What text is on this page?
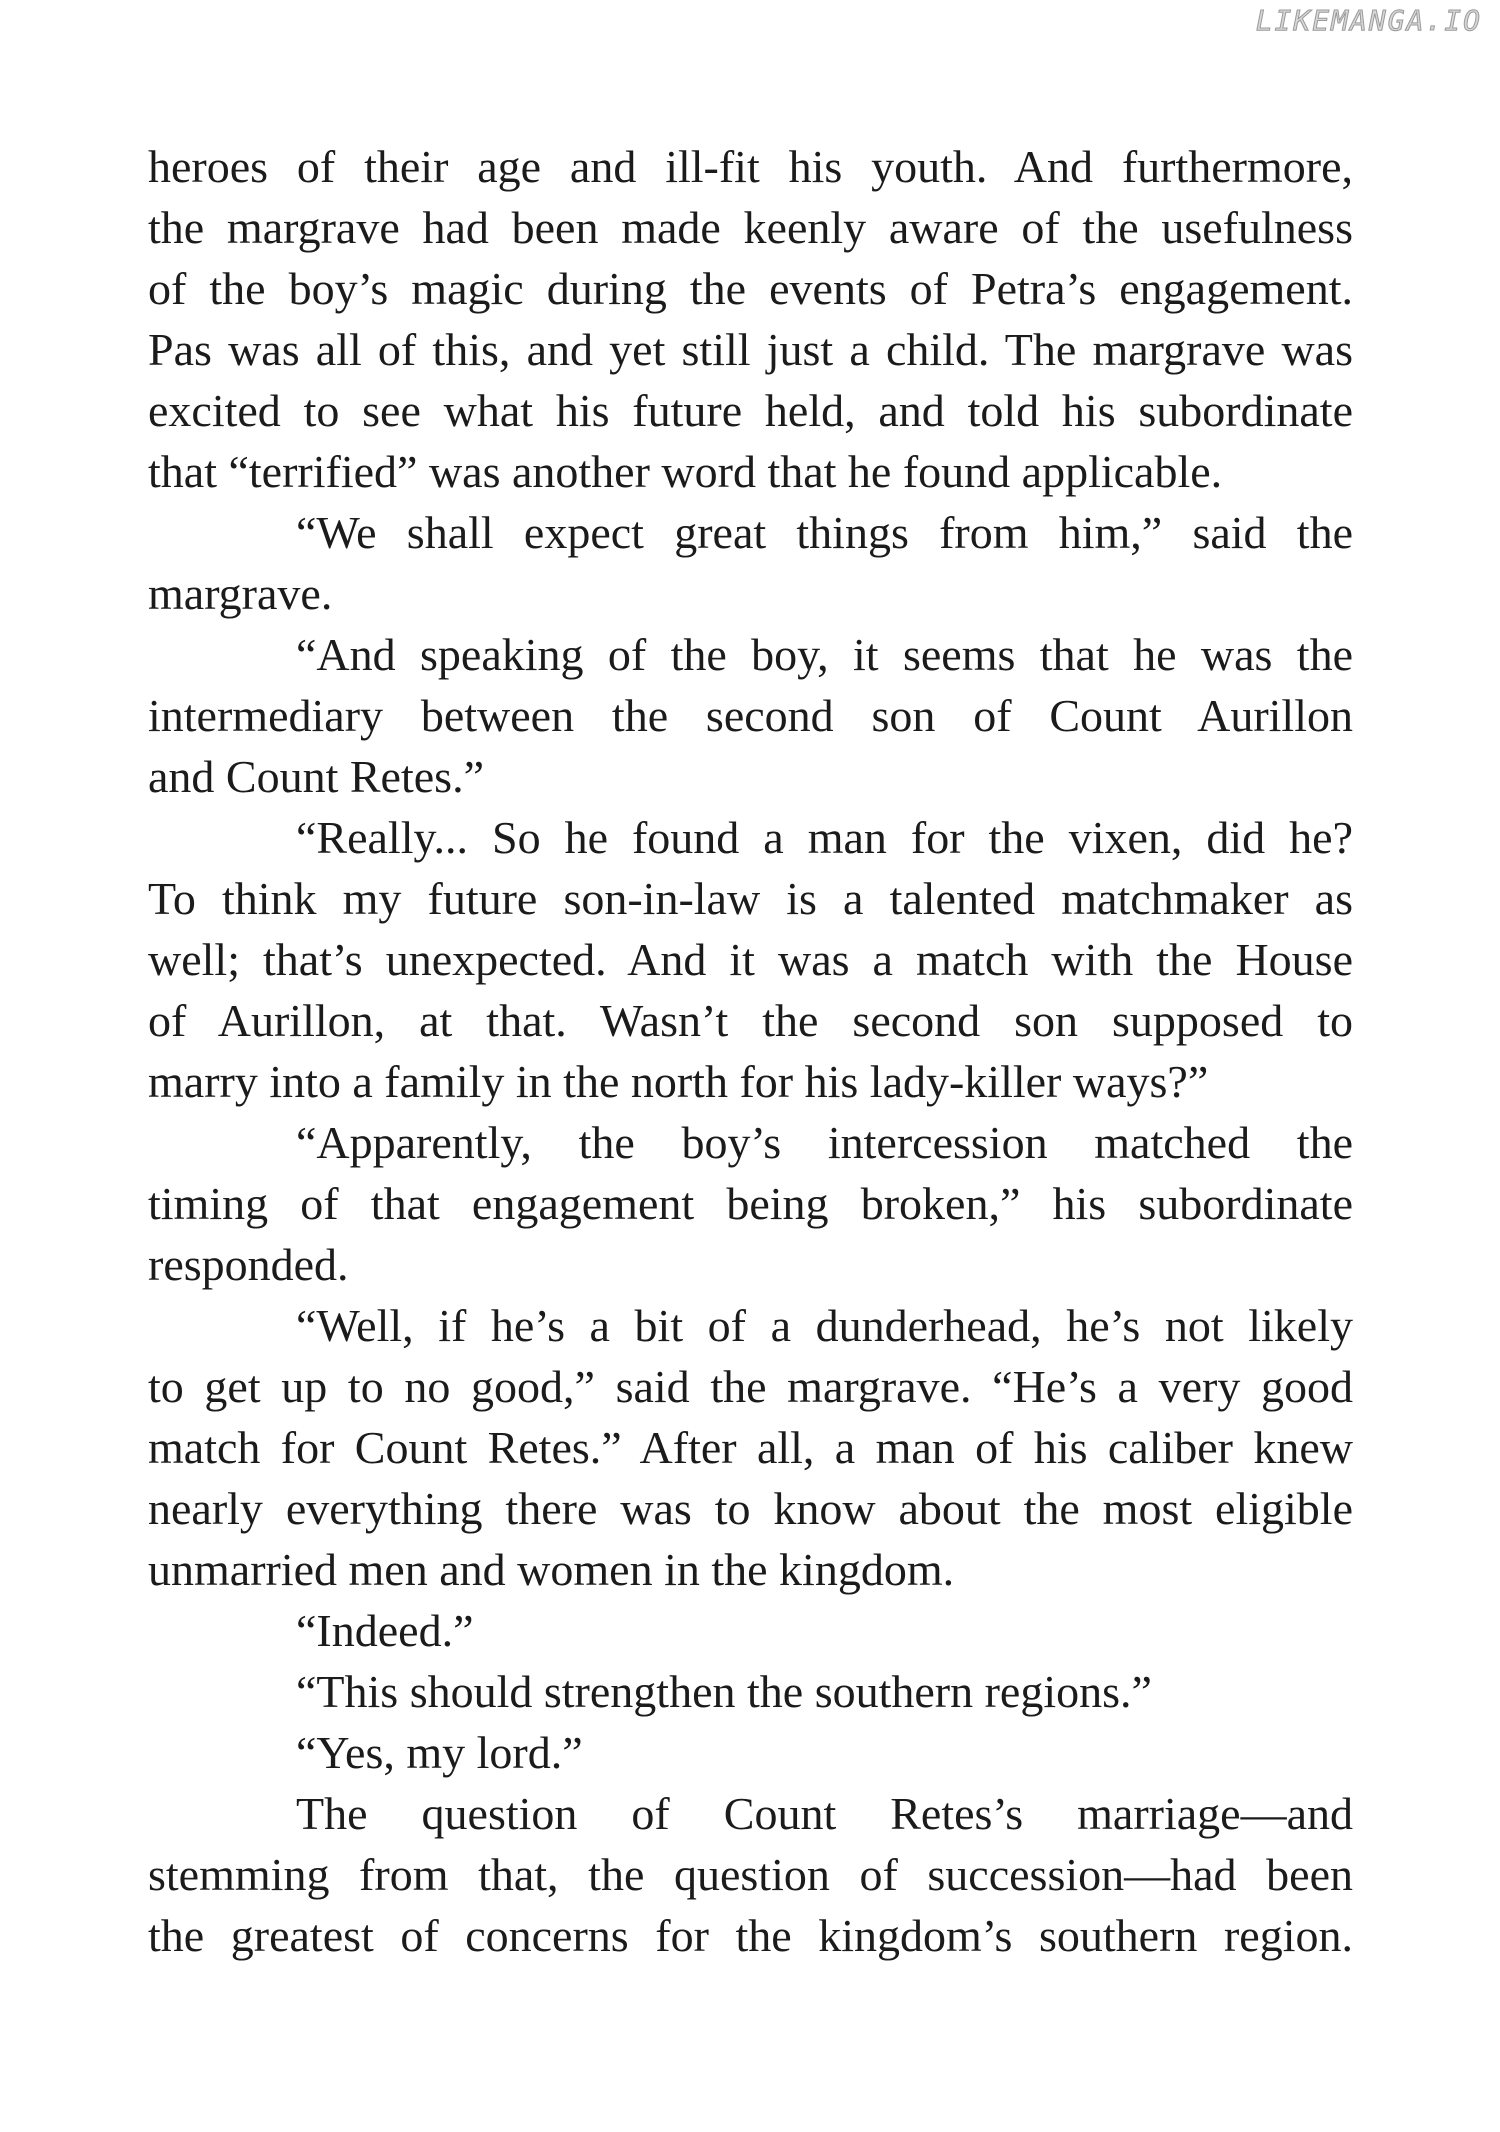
LIKEMANGA.IO
heroes of their age and ill-fit his youth. And furthermore,
the margrave had been made keenly aware of the usefulness
of the boy’s magic during the events of Petra’s engagement.
Pas was all of this, and yet still just a child. The margrave was
excited to see what his future held, and told his subordinate
that “terrified” was another word that he found applicable.
“We shall expect great things from him,” said the
margrave.
“And speaking of the boy, it seems that he was the
intermediary between the second son of Count Aurillon
and Count Retes.”
“Really... So he found a man for the vixen, did he?
To think my future son-in-law is a talented matchmaker as
well; that’s unexpected. And it was a match with the House
of Aurillon, at that. Wasn’t the second son supposed to
marry into a family in the north for his lady-killer ways?”
“Apparently, the boy’s intercession matched the
timing of that engagement being broken,” his subordinate
responded.
“Well, if he’s a bit of a dunderhead, he’s not likely
to get up to no good,” said the margrave. “He’s a very good
match for Count Retes.” After all, a man of his caliber knew
nearly everything there was to know about the most eligible
unmarried men and women in the kingdom.
“Indeed.”
“This should strengthen the southern regions.”
“Yes, my lord.”
The question of Count Retes’s marriage—and
stemming from that, the question of succession—had been
the greatest of concerns for the kingdom’s southern region.
